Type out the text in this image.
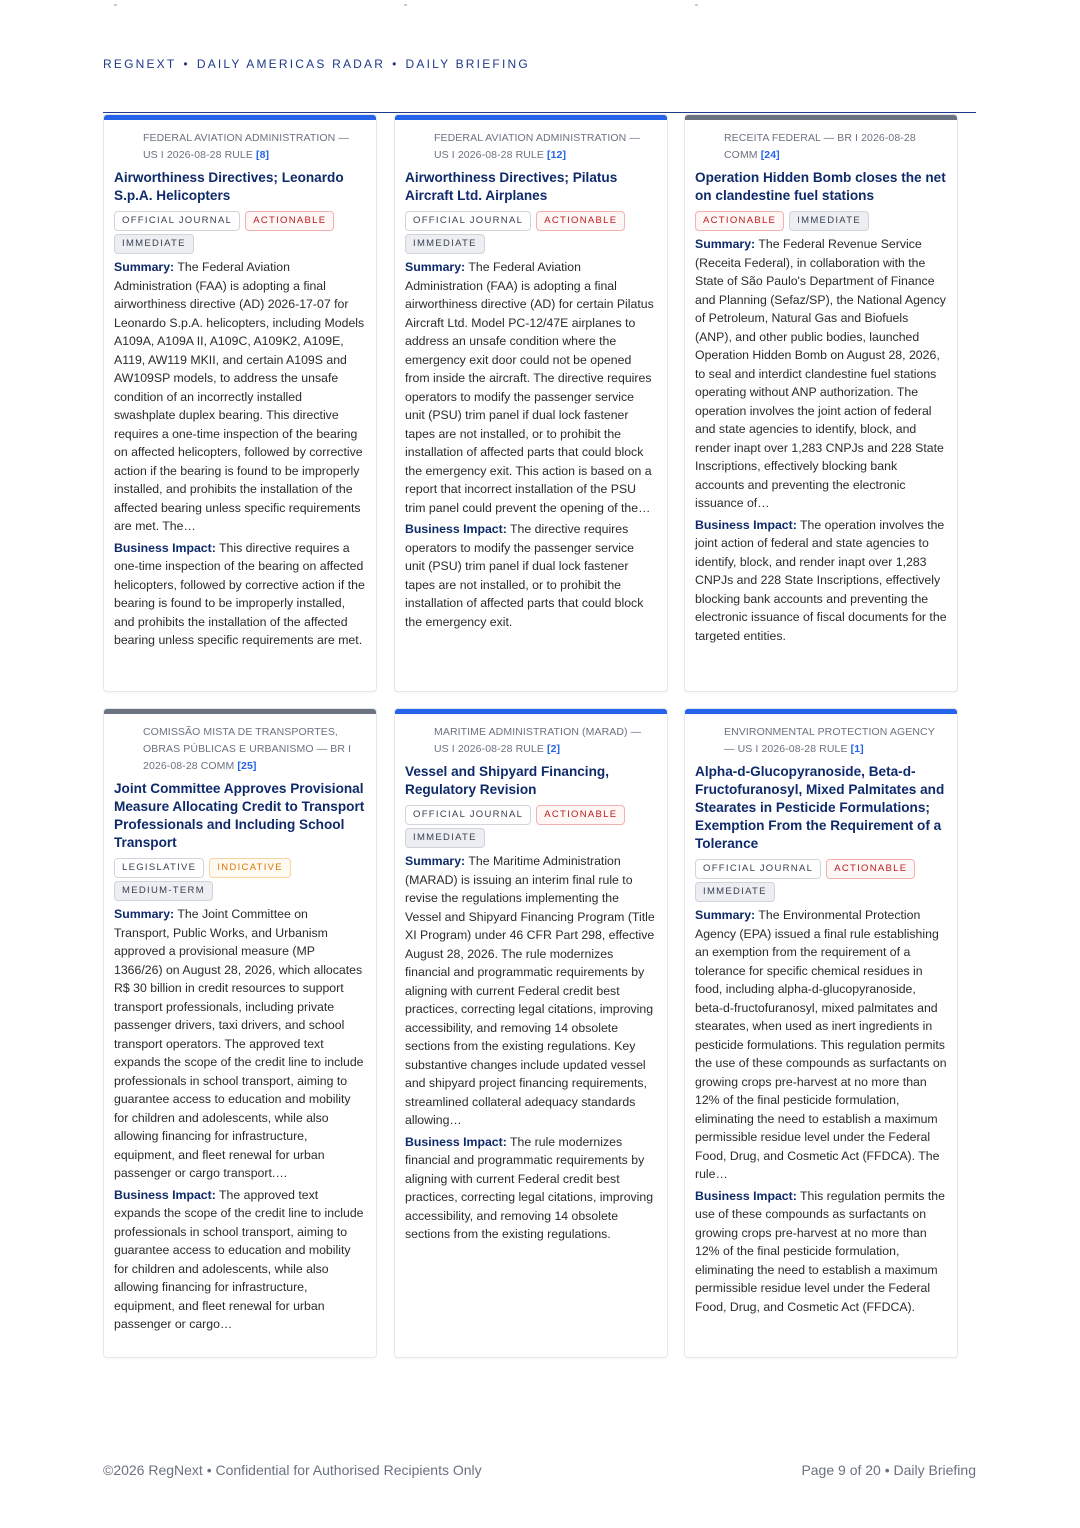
REGNEXT • DAILY AMERICAS RADAR • DAILY BRIEFING
FEDERAL AVIATION ADMINISTRATION — US I 2026-08-28 RULE [8]
Airworthiness Directives; Leonardo S.p.A. Helicopters
OFFICIAL JOURNAL ACTIONABLEIMMEDIATE
Summary: The Federal Aviation Administration (FAA) is adopting a final airworthiness directive (AD) 2026-17-07 for Leonardo S.p.A. helicopters, including Models A109A, A109A II, A109C, A109K2, A109E, A119, AW119 MKII, and certain A109S and AW109SP models, to address the unsafe condition of an incorrectly installed swashplate duplex bearing. This directive requires a one-time inspection of the bearing on affected helicopters, followed by corrective action if the bearing is found to be improperly installed, and prohibits the installation of the affected bearing unless specific requirements are met. The…
Business Impact: This directive requires a one-time inspection of the bearing on affected helicopters, followed by corrective action if the bearing is found to be improperly installed, and prohibits the installation of the affected bearing unless specific requirements are met.
FEDERAL AVIATION ADMINISTRATION — US I 2026-08-28 RULE [12]
Airworthiness Directives; Pilatus Aircraft Ltd. Airplanes
OFFICIAL JOURNAL ACTIONABLEIMMEDIATE
Summary: The Federal Aviation Administration (FAA) is adopting a final airworthiness directive (AD) for certain Pilatus Aircraft Ltd. Model PC-12/47E airplanes to address an unsafe condition where the emergency exit door could not be opened from inside the aircraft. The directive requires operators to modify the passenger service unit (PSU) trim panel if dual lock fastener tapes are not installed, or to prohibit the installation of affected parts that could block the emergency exit. This action is based on a report that incorrect installation of the PSU trim panel could prevent the opening of the…
Business Impact: The directive requires operators to modify the passenger service unit (PSU) trim panel if dual lock fastener tapes are not installed, or to prohibit the installation of affected parts that could block the emergency exit.
RECEITA FEDERAL — BR I 2026-08-28 COMM [24]
Operation Hidden Bomb closes the net on clandestine fuel stations
ACTIONABLE IMMEDIATE
Summary: The Federal Revenue Service (Receita Federal), in collaboration with the State of São Paulo's Department of Finance and Planning (Sefaz/SP), the National Agency of Petroleum, Natural Gas and Biofuels (ANP), and other public bodies, launched Operation Hidden Bomb on August 28, 2026, to seal and interdict clandestine fuel stations operating without ANP authorization. The operation involves the joint action of federal and state agencies to identify, block, and render inapt over 1,283 CNPJs and 228 State Inscriptions, effectively blocking bank accounts and preventing the electronic issuance of…
Business Impact: The operation involves the joint action of federal and state agencies to identify, block, and render inapt over 1,283 CNPJs and 228 State Inscriptions, effectively blocking bank accounts and preventing the electronic issuance of fiscal documents for the targeted entities.
COMISSÃO MISTA DE TRANSPORTES, OBRAS PÚBLICAS E URBANISMO — BR I 2026-08-28 COMM [25]
Joint Committee Approves Provisional Measure Allocating Credit to Transport Professionals and Including School Transport
LEGISLATIVE INDICATIVEMEDIUM-TERM
Summary: The Joint Committee on Transport, Public Works, and Urbanism approved a provisional measure (MP 1366/26) on August 28, 2026, which allocates R$ 30 billion in credit resources to support transport professionals, including private passenger drivers, taxi drivers, and school transport operators. The approved text expands the scope of the credit line to include professionals in school transport, aiming to guarantee access to education and mobility for children and adolescents, while also allowing financing for infrastructure, equipment, and fleet renewal for urban passenger or cargo transport.…
Business Impact: The approved text expands the scope of the credit line to include professionals in school transport, aiming to guarantee access to education and mobility for children and adolescents, while also allowing financing for infrastructure, equipment, and fleet renewal for urban passenger or cargo…
MARITIME ADMINISTRATION (MARAD) — US I 2026-08-28 RULE [2]
Vessel and Shipyard Financing, Regulatory Revision
OFFICIAL JOURNAL ACTIONABLEIMMEDIATE
Summary: The Maritime Administration (MARAD) is issuing an interim final rule to revise the regulations implementing the Vessel and Shipyard Financing Program (Title XI Program) under 46 CFR Part 298, effective August 28, 2026. The rule modernizes financial and programmatic requirements by aligning with current Federal credit best practices, correcting legal citations, improving accessibility, and removing 14 obsolete sections from the existing regulations. Key substantive changes include updated vessel and shipyard project financing requirements, streamlined collateral adequacy standards allowing…
Business Impact: The rule modernizes financial and programmatic requirements by aligning with current Federal credit best practices, correcting legal citations, improving accessibility, and removing 14 obsolete sections from the existing regulations.
ENVIRONMENTAL PROTECTION AGENCY — US I 2026-08-28 RULE [1]
Alpha-d-Glucopyranoside, Beta-d-Fructofuranosyl, Mixed Palmitates and Stearates in Pesticide Formulations; Exemption From the Requirement of a Tolerance
OFFICIAL JOURNAL ACTIONABLEIMMEDIATE
Summary: The Environmental Protection Agency (EPA) issued a final rule establishing an exemption from the requirement of a tolerance for specific chemical residues in food, including alpha-d-glucopyranoside, beta-d-fructofuranosyl, mixed palmitates and stearates, when used as inert ingredients in pesticide formulations. This regulation permits the use of these compounds as surfactants on growing crops pre-harvest at no more than 12% of the final pesticide formulation, eliminating the need to establish a maximum permissible residue level under the Federal Food, Drug, and Cosmetic Act (FFDCA). The rule…
Business Impact: This regulation permits the use of these compounds as surfactants on growing crops pre-harvest at no more than 12% of the final pesticide formulation, eliminating the need to establish a maximum permissible residue level under the Federal Food, Drug, and Cosmetic Act (FFDCA).
©2026 RegNext • Confidential for Authorised Recipients Only	Page 9 of 20 • Daily Briefing
